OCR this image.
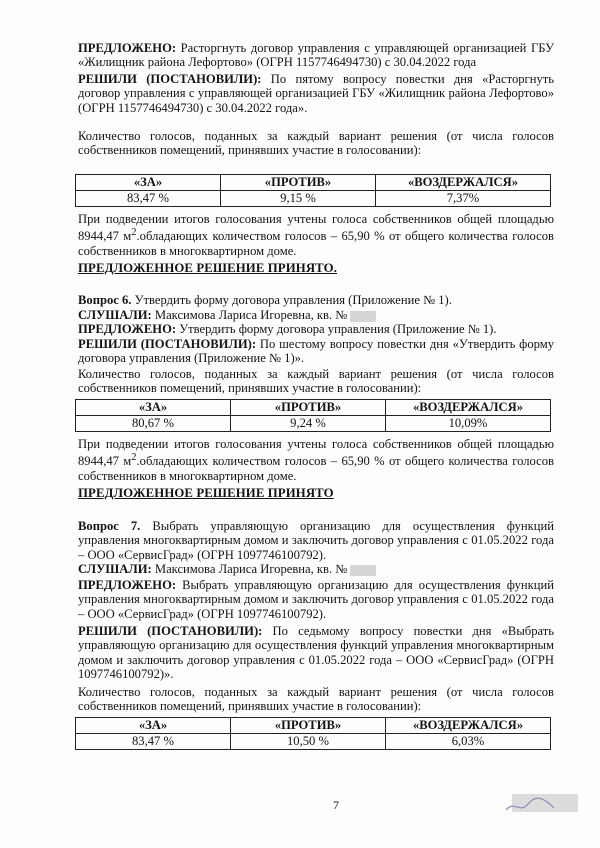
ПРЕДЛОЖЕНО: Расторгнуть договор управления с управляющей организацией ГБУ «Жилищник района Лефортово» (ОГРН 1157746494730) с 30.04.2022 года
РЕШИЛИ (ПОСТАНОВИЛИ): По пятому вопросу повестки дня «Расторгнуть договор управления с управляющей организацией ГБУ «Жилищник района Лефортово» (ОГРН 1157746494730) с 30.04.2022 года».
Количество голосов, поданных за каждый вариант решения (от числа голосов собственников помещений, принявших участие в голосовании):
«ЗА»	«ПРОТИВ»	«ВОЗДЕРЖАЛСЯ»
83,47 %	9,15 %	7,37%
При подведении итогов голосования учтены голоса собственников общей площадью 8944,47 $м^2.обладающих$ количеством голосов – 65,90 % от общего количества голосов собственников в многоквартирном доме.
ПРЕДЛОЖЕННОЕ РЕШЕНИЕ ПРИНЯТО.
Вопрос 6. Утвердить форму договора управления (Приложение № 1).
СЛУШАЛИ: Максимова Лариса Игоревна, кв. №
ПРЕДЛОЖЕНО: Утвердить форму договора управления (Приложение № 1).
РЕШИЛИ (ПОСТАНОВИЛИ): По шестому вопросу повестки дня «Утвердить форму договора управления (Приложение № 1)».
Количество голосов, поданных за каждый вариант решения (от числа голосов собственников помещений, принявших участие в голосовании):
«ЗА»	«ПРОТИВ»	«ВОЗДЕРЖАЛСЯ»
80,67 %	9,24 %	10,09%
При подведении итогов голосования учтены голоса собственников общей площадью 8944,47 $м^2.обладающих$ количеством голосов – 65,90 % от общего количества голосов собственников в многоквартирном доме.
ПРЕДЛОЖЕННОЕ РЕШЕНИЕ ПРИНЯТО
Вопрос 7. Выбрать управляющую организацию для осуществления функций управления многоквартирным домом и заключить договор управления с 01.05.2022 года – ООО «СервисГрад» (ОГРН 1097746100792).
СЛУШАЛИ: Максимова Лариса Игоревна, кв. №
ПРЕДЛОЖЕНО: Выбрать управляющую организацию для осуществления функций управления многоквартирным домом и заключить договор управления с 01.05.2022 года – ООО «СервисГрад» (ОГРН 1097746100792).
РЕШИЛИ (ПОСТАНОВИЛИ): По седьмому вопросу повестки дня «Выбрать управляющую организацию для осуществления функций управления многоквартирным домом и заключить договор управления с 01.05.2022 года – ООО «СервисГрад» (ОГРН 1097746100792)».
Количество голосов, поданных за каждый вариант решения (от числа голосов собственников помещений, принявших участие в голосовании):
«ЗА»	«ПРОТИВ»	«ВОЗДЕРЖАЛСЯ»
83,47 %	10,50 %	6,03%
7
